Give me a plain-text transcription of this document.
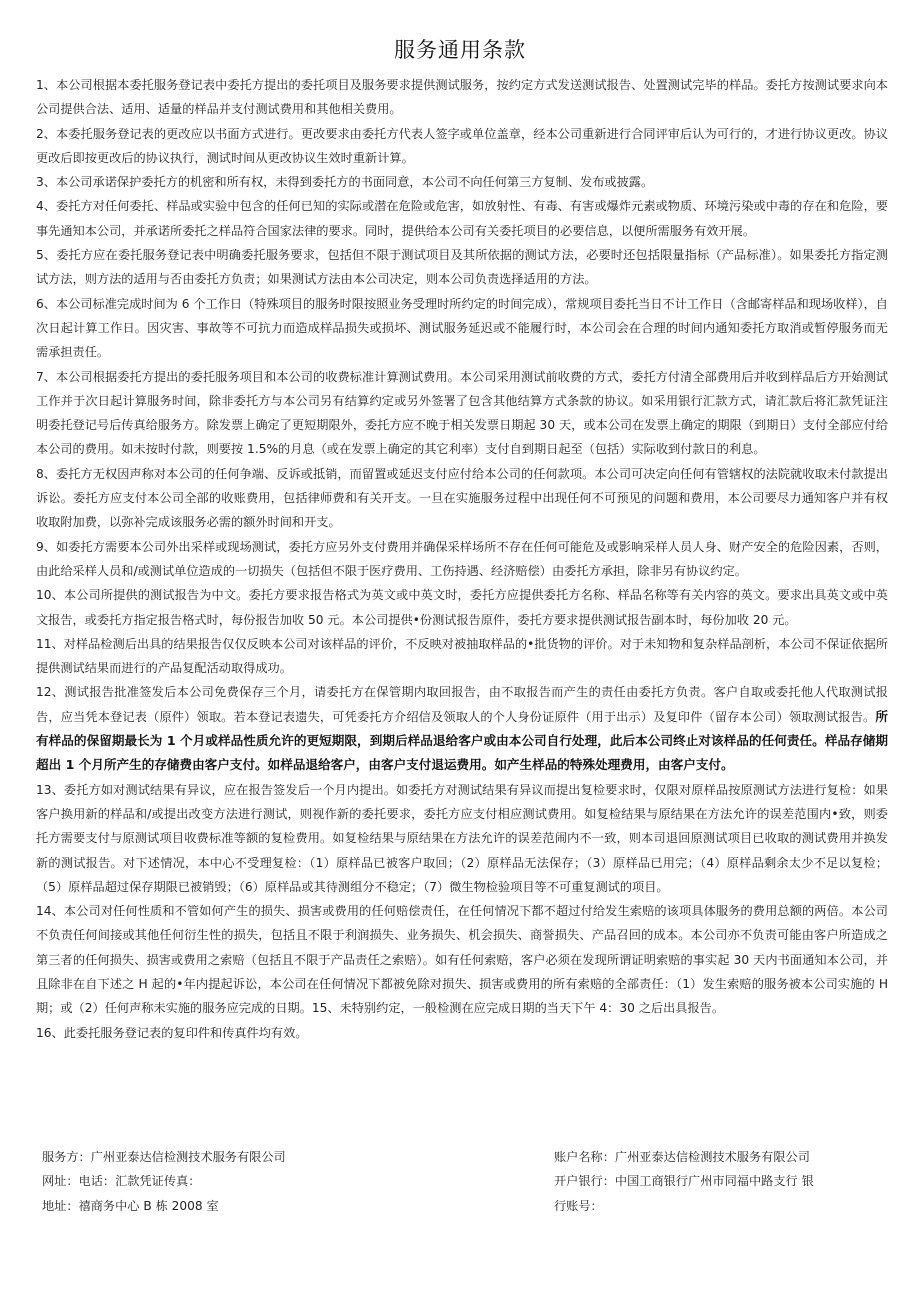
服务通用条款

1、本公司根据本委托服务登记表中委托方提出的委托项目及服务要求提供测试服务，按约定方式发送测试报告、处置测试完毕的样品。委托方按测试要求向本公司提供合法、适用、适量的样品并支付测试费用和其他相关费用。

2、本委托服务登记表的更改应以书面方式进行。更改要求由委托方代表人签字或单位盖章，经本公司重新进行合同评审后认为可行的，才进行协议更改。协议更改后即按更改后的协议执行，测试时间从更改协议生效时重新计算。

3、本公司承诺保护委托方的机密和所有权，未得到委托方的书面同意，本公司不向任何第三方复制、发布或披露。

4、委托方对任何委托、样品或实验中包含的任何已知的实际或潜在危险或危害，如放射性、有毒、有害或爆炸元素或物质、环境污染或中毒的存在和危险，要事先通知本公司，并承诺所委托之样品符合国家法律的要求。同时，提供给本公司有关委托项目的必要信息，以便所需服务有效开展。

5、委托方应在委托服务登记表中明确委托服务要求，包括但不限于测试项目及其所依据的测试方法，必要时还包括限量指标（产品标准）。如果委托方指定测试方法，则方法的适用与否由委托方负责；如果测试方法由本公司决定，则本公司负责选择适用的方法。

6、本公司标准完成时间为 6 个工作日（特殊项目的服务时限按照业务受理时所约定的时间完成），常规项目委托当日不计工作日（含邮寄样品和现场收样），自次日起计算工作日。因灾害、事故等不可抗力而造成样品损失或损坏、测试服务延迟或不能履行时，本公司会在合理的时间内通知委托方取消或暂停服务而无需承担责任。

7、本公司根据委托方提出的委托服务项目和本公司的收费标准计算测试费用。本公司采用测试前收费的方式，委托方付清全部费用后并收到样品后方开始测试工作并于次日起计算服务时间，除非委托方与本公司另有结算约定或另外签署了包含其他结算方式条款的协议。如采用银行汇款方式，请汇款后将汇款凭证注明委托登记号后传真给服务方。除发票上确定了更短期限外，委托方应不晚于相关发票日期起 30 天，或本公司在发票上确定的期限（到期日）支付全部应付给本公司的费用。如未按时付款，则要按 1.5%的月息（或在发票上确定的其它利率）支付自到期日起至（包括）实际收到付款日的利息。

8、委托方无权因声称对本公司的任何争端、反诉或抵销，而留置或延迟支付应付给本公司的任何款项。本公司可决定向任何有管辖权的法院就收取未付款提出诉讼。委托方应支付本公司全部的收账费用，包括律师费和有关开支。一旦在实施服务过程中出现任何不可预见的问题和费用，本公司要尽力通知客户并有权收取附加费，以弥补完成该服务必需的额外时间和开支。

9、如委托方需要本公司外出采样或现场测试，委托方应另外支付费用并确保采样场所不存在任何可能危及或影响采样人员人身、财产安全的危险因素，否则，由此给采样人员和/或测试单位造成的一切损失（包括但不限于医疗费用、工伤持遇、经济赔偿）由委托方承担，除非另有协议约定。

10、本公司所提供的测试报告为中文。委托方要求报告格式为英文或中英文时，委托方应提供委托方名称、样品名称等有关内容的英文。要求出具英文或中英文报告，或委托方指定报告格式时，每份报告加收 50 元。本公司提供•份测试报告原件，委托方要求提供测试报告副本时，每份加收 20 元。

11、对样品检测后出具的结果报告仅仅反映本公司对该样品的评价，不反映对被抽取样品的•批货物的评价。对于未知物和复杂样品剖析，本公司不保证依据所提供测试结果而进行的产品复配活动取得成功。

12、测试报告批准签发后本公司免费保存三个月，请委托方在保管期内取回报告，由不取报告而产生的责任由委托方负责。客户自取或委托他人代取测试报告，应当凭本登记表（原件）领取。若本登记表遗失，可凭委托方介绍信及领取人的个人身份证原件（用于出示）及复印件（留存本公司）领取测试报告。所有样品的保留期最长为 1 个月或样品性质允许的更短期限，到期后样品退给客户或由本公司自行处理，此后本公司终止对该样品的任何责任。样品存储期超出 1 个月所产生的存储费由客户支付。如样品退给客户，由客户支付退运费用。如产生样品的特殊处理费用，由客户支付。

13、委托方如对测试结果有异议，应在报告签发后一个月内提出。如委托方对测试结果有异议而提出复检要求时，仅限对原样品按原测试方法进行复检：如果客户换用新的样品和/或提出改变方法进行测试，则视作新的委托要求，委托方应支付相应测试费用。如复检结果与原结果在方法允许的误差范围内•致，则委托方需要支付与原测试项目收费标准等额的复检费用。如复检结果与原结果在方法允许的误差范闹内不一致，则本司退回原测试项目已收取的测试费用并换发新的测试报告。对下述情况，本中心不受理复检：（1）原样品已被客户取回；（2）原样品无法保存；（3）原样品已用完；（4）原样品剩余太少不足以复检；（5）原样品超过保存期限已被销毁；（6）原样品或其待测组分不稳定；（7）微生物检验项目等不可重复测试的项目。

14、本公司对任何性质和不管如何产生的损失、损害或费用的任何赔偿责任，在任何情况下都不超过付给发生索赔的该项具体服务的费用总额的两倍。本公司不负责任何间接或其他任何衍生性的损失，包括且不限于利润损失、业务损失、机会损失、商誉损失、产品召回的成本。本公司亦不负责可能由客户所造成之第三者的任何损失、损害或费用之索赔（包括且不限于产品责任之索赔）。如有任何索赔，客户必须在发现所谓证明索赔的事实起 30 天内书面通知本公司，并且除非在自下述之 H 起的•年内提起诉讼，本公司在任何情况下都被免除对损失、损害或费用的所有索赔的全部责任：（1）发生索赔的服务被本公司实施的 H 期；或（2）任何声称未实施的服务应完成的日期。15、未特别约定，一般检测在应完成日期的当天下午 4：30 之后出具报告。

16、此委托服务登记表的复印件和传真件均有效。

服务方：广州亚泰达信检测技术服务有限公司	账户名称：广州亚泰达信检测技术服务有限公司
网址：电话：汇款凭证传真：	开户银行：中国工商银行广州市同福中路支行 银
地址：禧商务中心 B 栋 2008 室	行账号：
